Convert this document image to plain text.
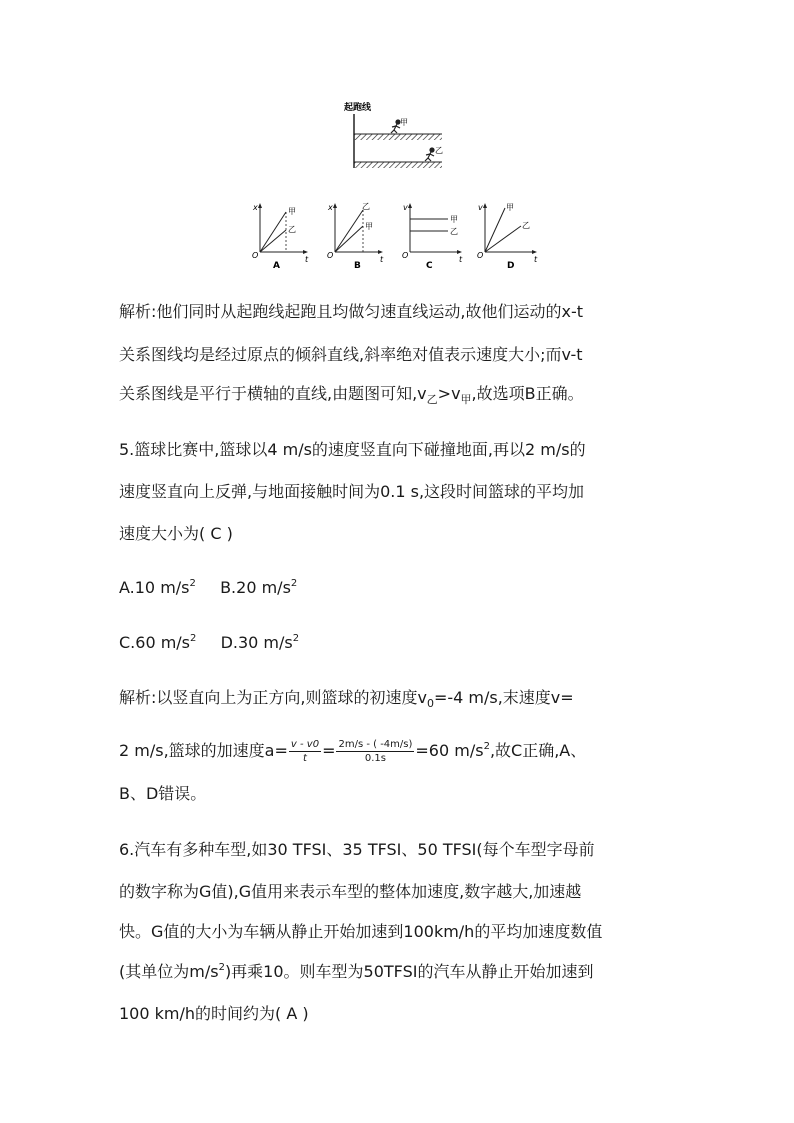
起跑线
甲
乙
x
t
O
甲
乙
A
x
t
O
乙
甲
B
v
t
O
甲
乙
C
v
t
O
甲
乙
D
解析:他们同时从起跑线起跑且均做匀速直线运动,故他们运动的x-t
关系图线均是经过原点的倾斜直线,斜率绝对值表示速度大小;而v-t
关系图线是平行于横轴的直线,由题图可知$,v_乙>v_甲$,故选项B正确。
5.篮球比赛中,篮球以4 m/s的速度竖直向下碰撞地面,再以2 m/s的
速度竖直向上反弹,与地面接触时间为0.1 s,这段时间篮球的平均加
速度大小为( C )
A.10 $m/s^2$ B.20 $m/s^2$
C.60 $m/s^2$ D.30 $m/s^2$
解析:以竖直向上为正方向,则篮球的初速度$v_0=-4$ m/s,末速度v=
2 m/s,篮球的加速度$a= \frac{v - v0}{t} = \frac{2m/s - ( -4m/s)}{0.1s} =60$ $m/s^2$,故C正确,A、
B、D错误。
6.汽车有多种车型,如30 TFSI、35 TFSI、50 TFSI(每个车型字母前
的数字称为G值),G值用来表示车型的整体加速度,数字越大,加速越
快。G值的大小为车辆从静止开始加速到100km/h的平均加速度数值
(其单位为$m/s^2$)再乘10。则车型为50TFSI的汽车从静止开始加速到
100 km/h的时间约为( A )
